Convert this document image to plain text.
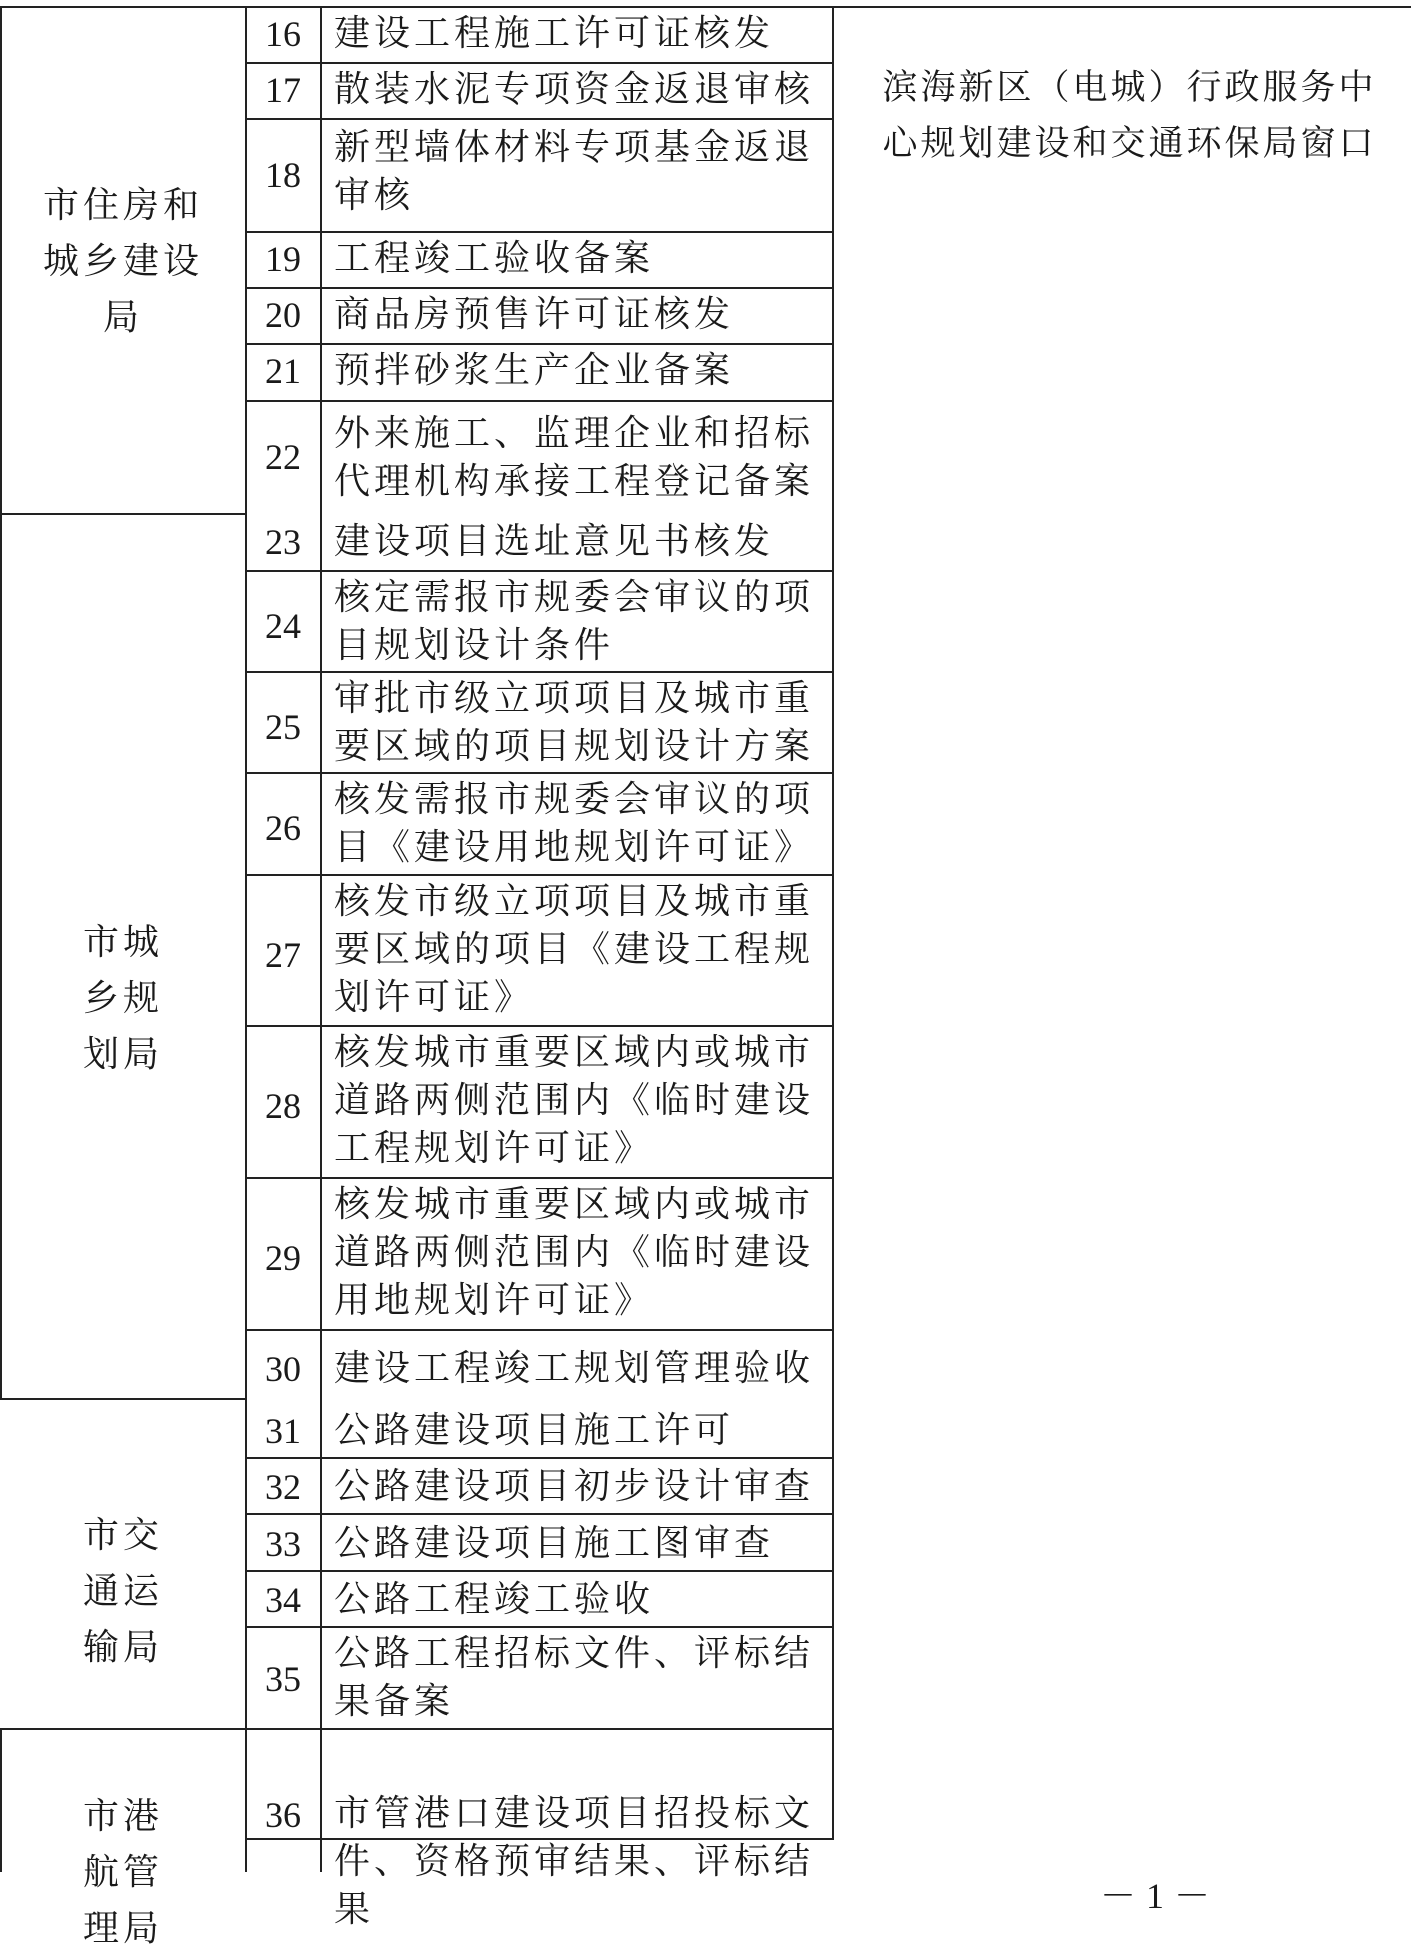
市住房和城乡建设局
市城乡规划局
市交通运输局
市港航管理局
滨海新区（电城）行政服务中心规划建设和交通环保局窗口
16
17
18
19
20
21
22
23
24
25
26
27
28
29
30
31
32
33
34
35
36
建设工程施工许可证核发
散装水泥专项资金返退审核
新型墙体材料专项基金返退审核
工程竣工验收备案
商品房预售许可证核发
预拌砂浆生产企业备案
外来施工、监理企业和招标代理机构承接工程登记备案
建设项目选址意见书核发
核定需报市规委会审议的项目规划设计条件
审批市级立项项目及城市重要区域的项目规划设计方案
核发需报市规委会审议的项目《建设用地规划许可证》
核发市级立项项目及城市重要区域的项目《建设工程规划许可证》
核发城市重要区域内或城市道路两侧范围内《临时建设工程规划许可证》
核发城市重要区域内或城市道路两侧范围内《临时建设用地规划许可证》
建设工程竣工规划管理验收
公路建设项目施工许可
公路建设项目初步设计审查
公路建设项目施工图审查
公路工程竣工验收
公路工程招标文件、评标结果备案
市管港口建设项目招投标文件、资格预审结果、评标结果	－1－
